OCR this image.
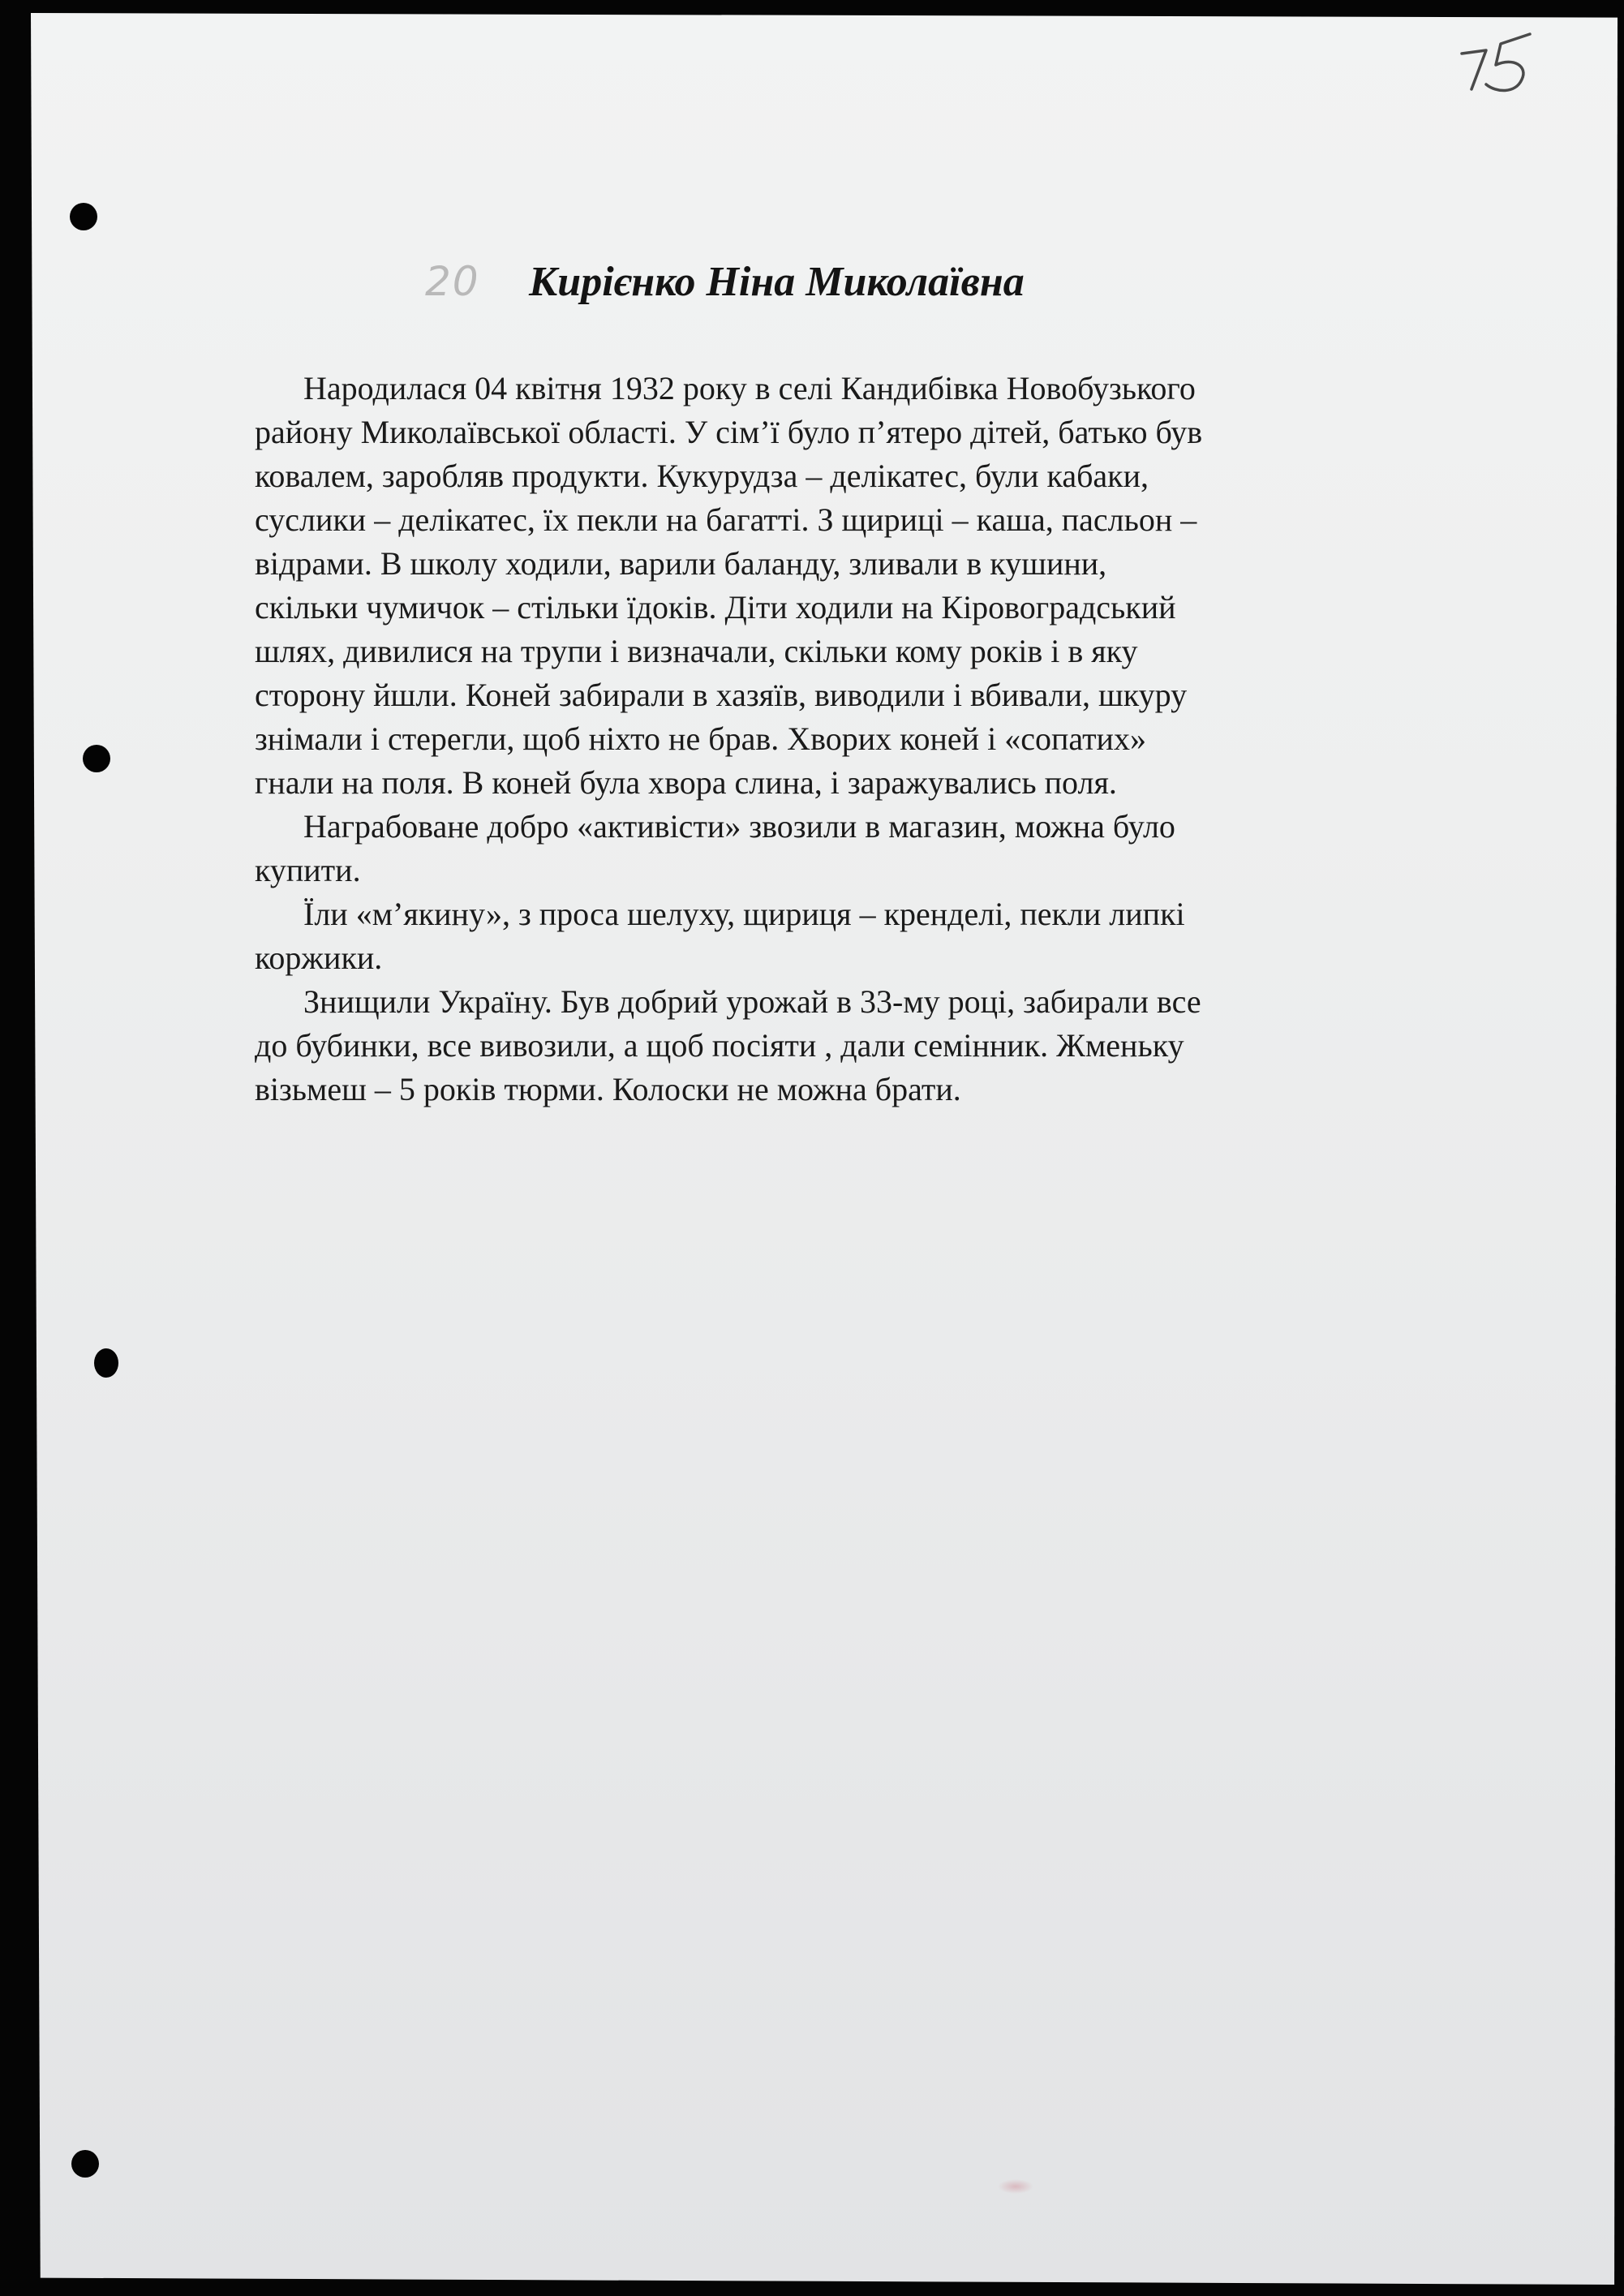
20 Кирієнко Ніна Миколаївна
Народилася 04 квітня 1932 року в селі Кандибівка Новобузького
району Миколаївської області. У сім’ї було п’ятеро дітей, батько був
ковалем, заробляв продукти. Кукурудза – делікатес, були кабаки,
суслики – делікатес, їх пекли на багатті. З щириці – каша, пасльон –
відрами. В школу ходили, варили баланду, зливали в кушини,
скільки чумичок – стільки їдоків. Діти ходили на Кіровоградський
шлях, дивилися на трупи і визначали, скільки кому років і в яку
сторону йшли. Коней забирали в хазяїв, виводили і вбивали, шкуру
знімали і стерегли, щоб ніхто не брав. Хворих коней і «сопатих»
гнали на поля. В коней була хвора слина, і заражувались поля.
Награбоване добро «активісти» звозили в магазин, можна було
купити.
Їли «м’якину», з проса шелуху, щириця – кренделі, пекли липкі
коржики.
Знищили Україну. Був добрий урожай в 33-му році, забирали все
до бубинки, все вивозили, а щоб посіяти , дали семінник. Жменьку
візьмеш – 5 років тюрми. Колоски не можна брати.
